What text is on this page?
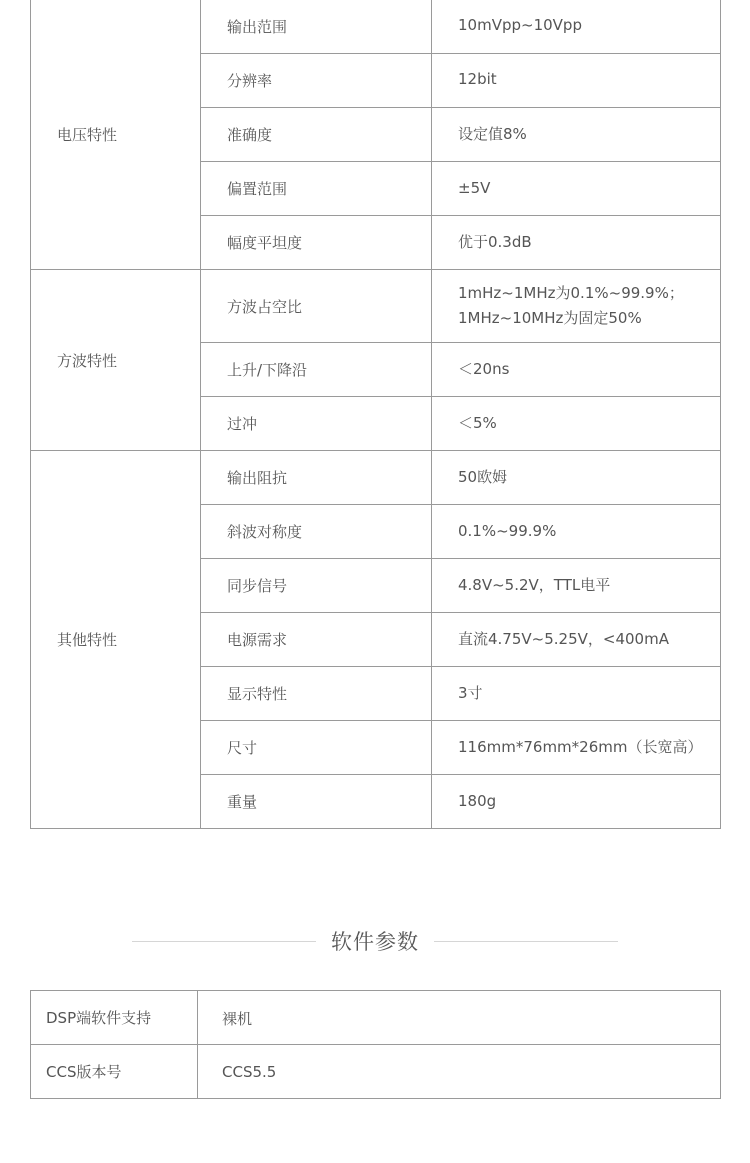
电压特性	输出范围	10mVpp~10Vpp
	分辨率	12bit
	准确度	设定值8%
	偏置范围	±5V
	幅度平坦度	优于0.3dB
方波特性	方波占空比	1mHz~1MHz为0.1%~99.9%；
1MHz~10MHz为固定50%

	上升/下降沿	＜20ns
	过冲	＜5%
其他特性	输出阻抗	50欧姆
	斜波对称度	0.1%~99.9%
	同步信号	4.8V~5.2V，TTL电平
	电源需求	直流4.75V~5.25V，<400mA
	显示特性	3寸
	尺寸	116mm*76mm*26mm（长宽高）
	重量	180g
软件参数
DSP端软件支持	裸机
CCS版本号	CCS5.5
